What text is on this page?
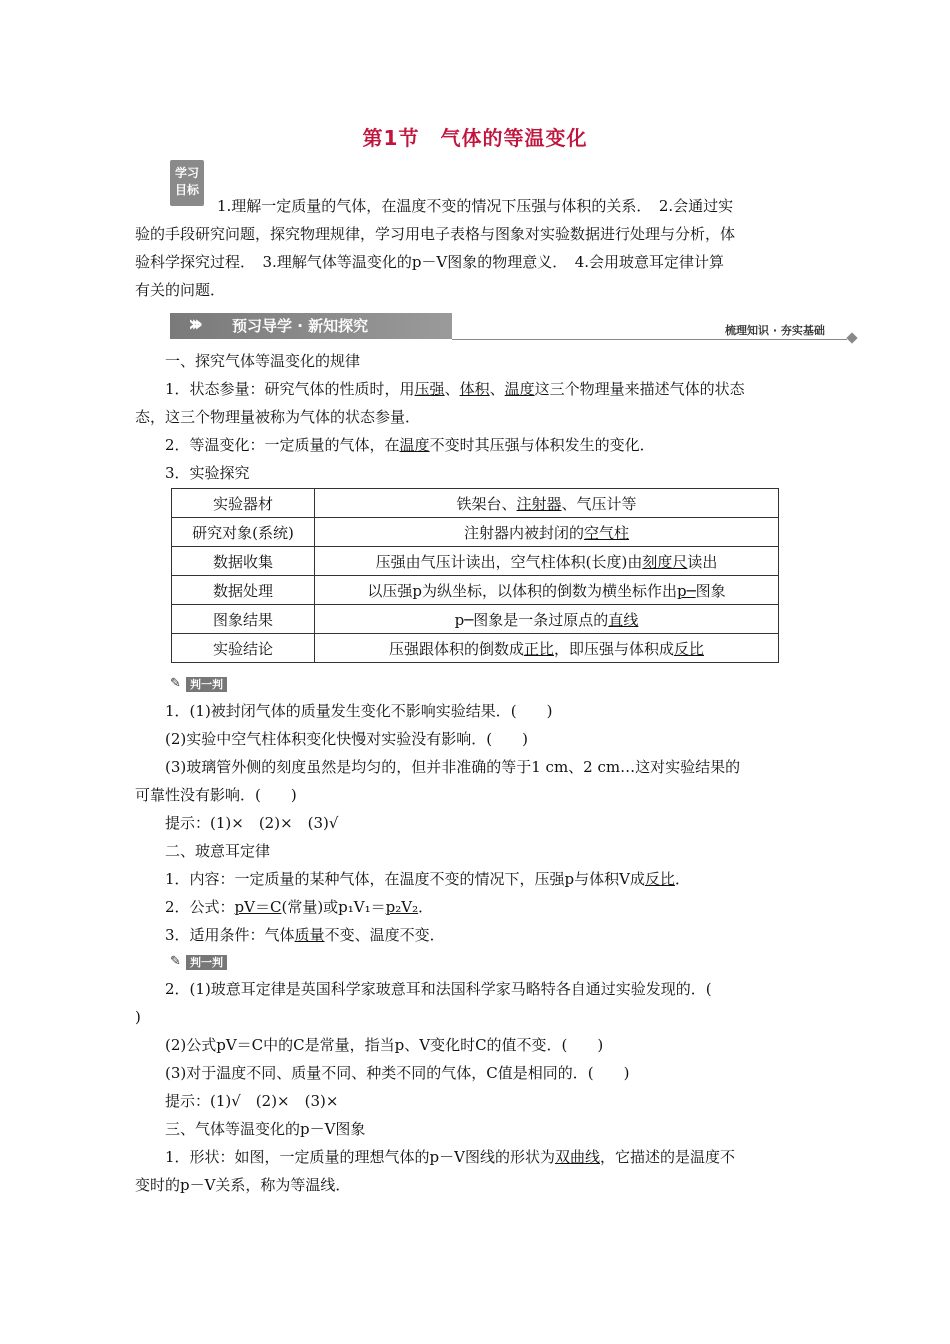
第1节　气体的等温变化
学习
目标
1.理解一定质量的气体，在温度不变的情况下压强与体积的关系．　2.会通过实
验的手段研究问题，探究物理规律，学习用电子表格与图象对实验数据进行处理与分析，体
验科学探究过程．　3.理解气体等温变化的p－V图象的物理意义．　4.会用玻意耳定律计算
有关的问题．
››› 预习导学 · 新知探究	梳理知识 · 夯实基础
一、探究气体等温变化的规律
1．状态参量：研究气体的性质时，用压强、体积、温度这三个物理量来描述气体的状态
态，这三个物理量被称为气体的状态参量．
2．等温变化：一定质量的气体，在温度不变时其压强与体积发生的变化．
3．实验探究
实验器材	铁架台、注射器、气压计等
研究对象(系统)	注射器内被封闭的空气柱
数据收集	压强由气压计读出，空气柱体积(长度)由刻度尺读出
数据处理	以压强p为纵坐标，以体积的倒数为横坐标作出p─图象
图象结果	p─图象是一条过原点的直线
实验结论	压强跟体积的倒数成正比，即压强与体积成反比
✎ 判一判
1．(1)被封闭气体的质量发生变化不影响实验结果．(　　)
(2)实验中空气柱体积变化快慢对实验没有影响．(　　)
(3)玻璃管外侧的刻度虽然是均匀的，但并非准确的等于1 cm、2 cm…这对实验结果的
可靠性没有影响．(　　)
提示：(1)×　(2)×　(3)√
二、玻意耳定律
1．内容：一定质量的某种气体，在温度不变的情况下，压强p与体积V成反比．
2．公式：pV＝C(常量)或p₁V₁＝p₂V₂．
3．适用条件：气体质量不变、温度不变．
✎ 判一判
2．(1)玻意耳定律是英国科学家玻意耳和法国科学家马略特各自通过实验发现的．(
)
(2)公式pV＝C中的C是常量，指当p、V变化时C的值不变．(　　)
(3)对于温度不同、质量不同、种类不同的气体，C值是相同的．(　　)
提示：(1)√　(2)×　(3)×
三、气体等温变化的p－V图象
1．形状：如图，一定质量的理想气体的p－V图线的形状为双曲线，它描述的是温度不
变时的p－V关系，称为等温线．
